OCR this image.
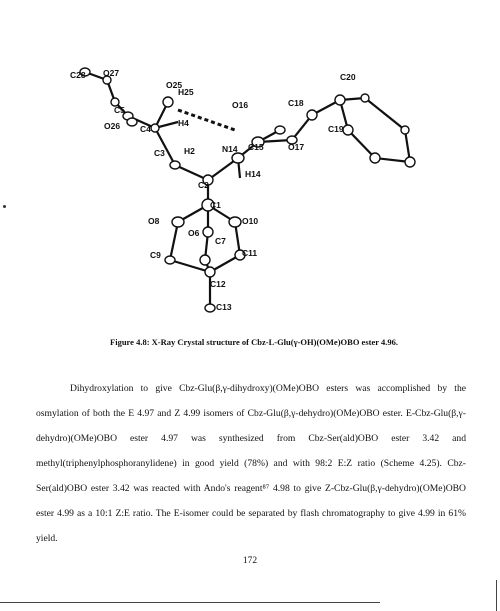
C28 O27
O25
H25
C5
O26 C4
H4
O16	C18
C20
C19
C3 H2	N14 C15	O17
H14
C2
C1
O8	O10
O6
C7
C9	C11
C12
C13
Figure 4.8: X-Ray Crystal structure of Cbz-L-Glu(γ-OH)(OMe)OBO ester 4.96.

Dihydroxylation to give Cbz-Glu(β,γ-dihydroxy)(OMe)OBO esters was accomplished by the osmylation of both the E 4.97 and Z 4.99 isomers of Cbz-Glu(β,γ-dehydro)(OMe)OBO ester. E-Cbz-Glu(β,γ-dehydro)(OMe)OBO ester 4.97 was synthesized from Cbz-Ser(ald)OBO ester 3.42 and methyl(triphenylphosphoranylidene) in good yield (78%) and with 98:2 E:Z ratio (Scheme 4.25). Cbz-Ser(ald)OBO ester 3.42 was reacted with Ando's reagent⁸⁷ 4.98 to give Z-Cbz-Glu(β,γ-dehydro)(OMe)OBO ester 4.99 as a 10:1 Z:E ratio. The E-isomer could be separated by flash chromatography to give 4.99 in 61% yield.

172
